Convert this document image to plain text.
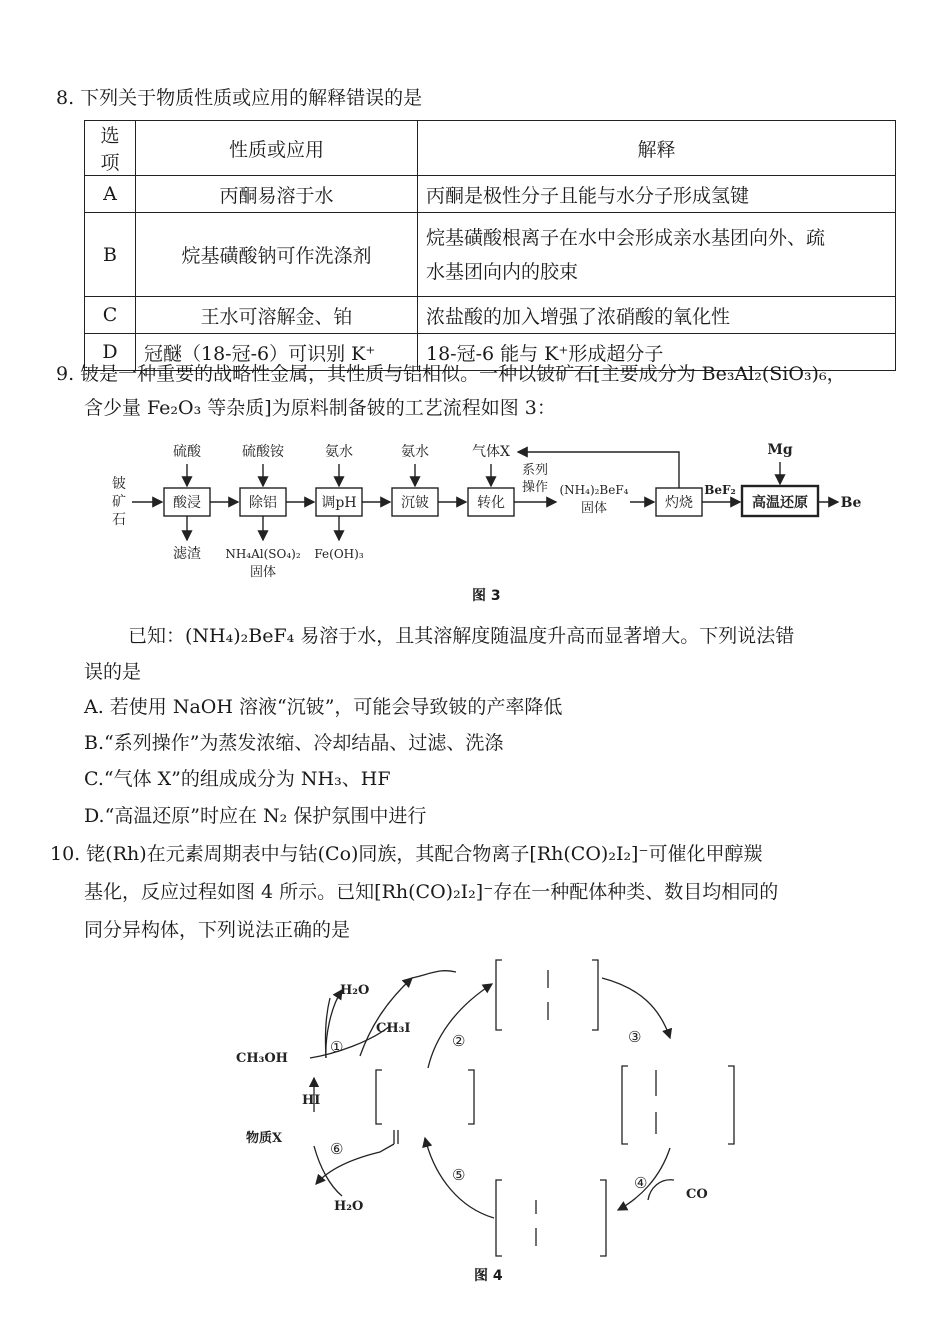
8. 下列关于物质性质或应用的解释错误的是
选项	性质或应用	解释
A	丙酮易溶于水	丙酮是极性分子且能与水分子形成氢键
B	烷基磺酸钠可作洗涤剂	烷基磺酸根离子在水中会形成亲水基团向外、疏
水基团向内的胶束

C	王水可溶解金、铂	浓盐酸的加入增强了浓硝酸的氧化性
D	冠醚（18-冠-6）可识别 K⁺	18-冠-6 能与 K⁺形成超分子
9. 铍是一种重要的战略性金属，其性质与铝相似。一种以铍矿石[主要成分为 Be₃Al₂(SiO₃)₆，
含少量 Fe₂O₃ 等杂质]为原料制备铍的工艺流程如图 3：
铍
矿
石
酸浸	除铝	调pH	沉铍	转化	灼烧	高温还原
硫酸	硫酸铵	氨水	氨水	Mg
气体X
系列
操作 (NH₄)₂BeF₄
固体
BeF₂
Be
滤渣 NH₄Al(SO₄)₂
固体
Fe(OH)₃
图 3
已知：(NH₄)₂BeF₄ 易溶于水，且其溶解度随温度升高而显著增大。下列说法错
误的是
A. 若使用 NaOH 溶液“沉铍”，可能会导致铍的产率降低
B.“系列操作”为蒸发浓缩、冷却结晶、过滤、洗涤
C.“气体 X”的组成成分为 NH₃、HF
D.“高温还原”时应在 N₂ 保护氛围中进行
10. 铑(Rh)在元素周期表中与钴(Co)同族，其配合物离子[Rh(CO)₂I₂]⁻可催化甲醇羰
基化，反应过程如图 4 所示。已知[Rh(CO)₂I₂]⁻存在一种配体种类、数目均相同的
同分异构体，下列说法正确的是
H₂O
CH₃OH
CH₃I
HI
物质X
H₂O
CO
①	②	③
④
⑤
⑥
图 4
